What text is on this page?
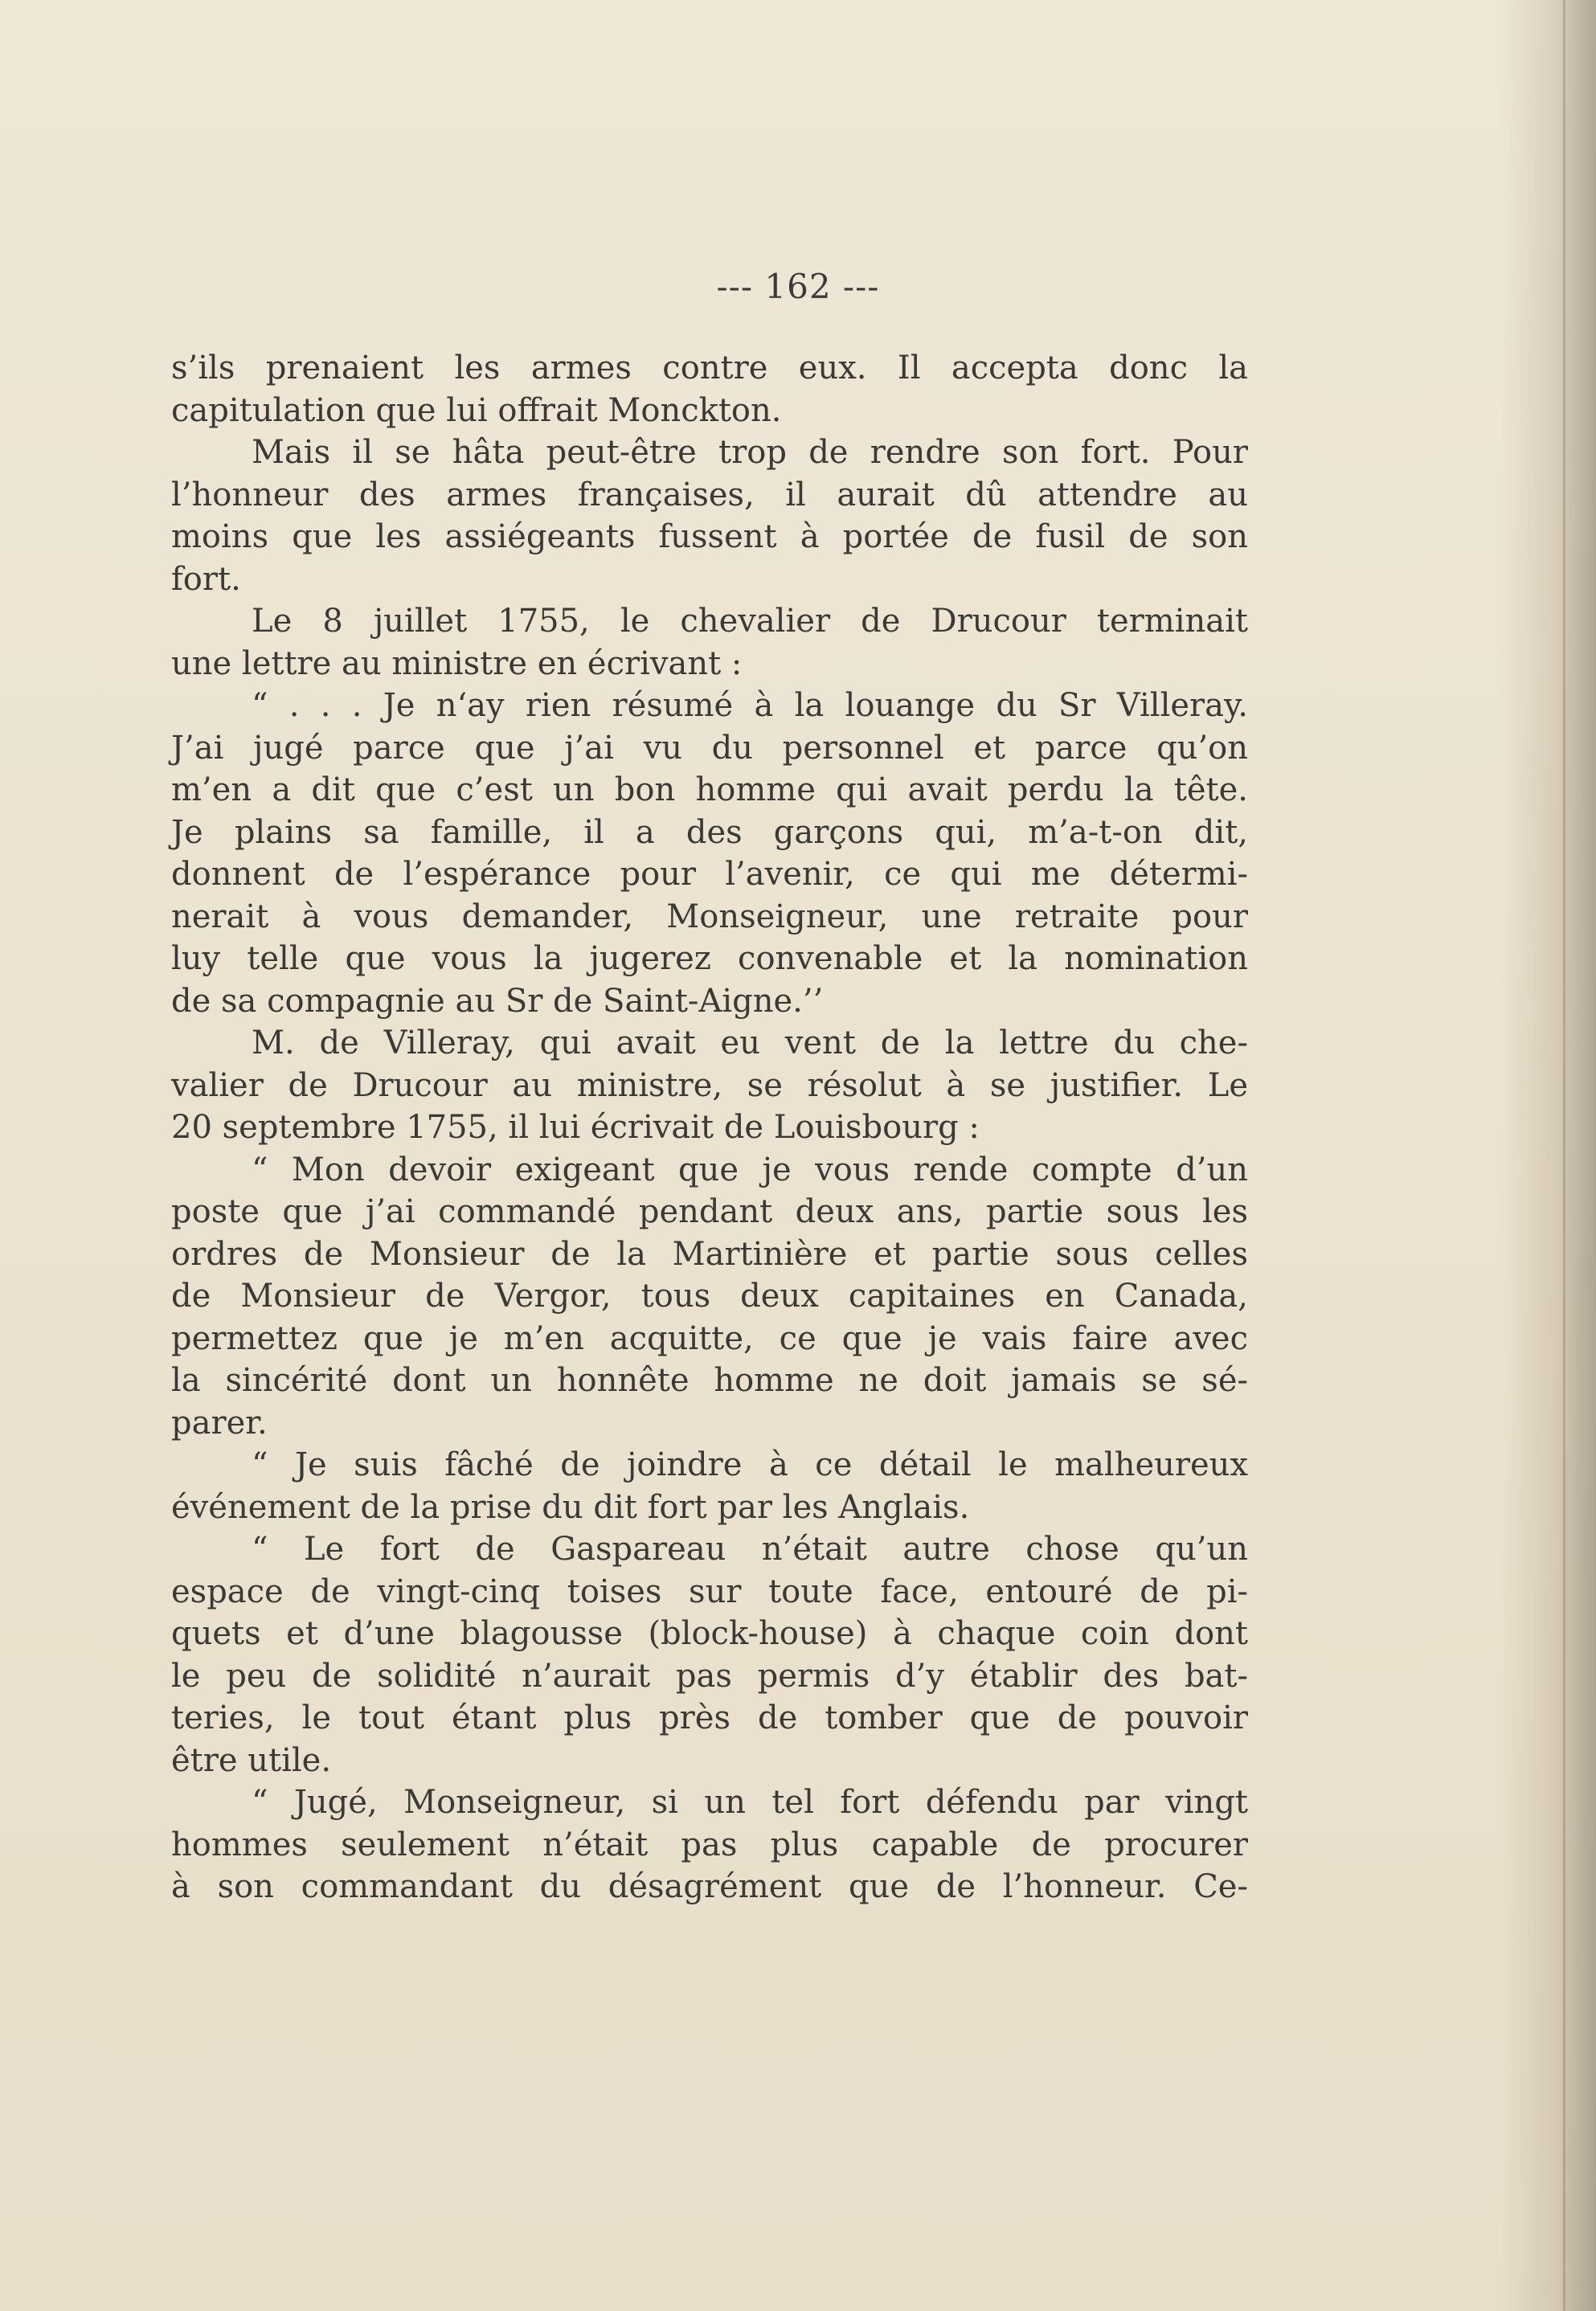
--- 162 ---
s’ils prenaient les armes contre eux. Il accepta donc la
capitulation que lui offrait Monckton.
Mais il se hâta peut-être trop de rendre son fort. Pour
l’honneur des armes françaises, il aurait dû attendre au
moins que les assiégeants fussent à portée de fusil de son
fort.
Le 8 juillet 1755, le chevalier de Drucour terminait
une lettre au ministre en écrivant :
“ . . . Je n‘ay rien résumé à la louange du Sr Villeray.
J’ai jugé parce que j’ai vu du personnel et parce qu’on
m’en a dit que c’est un bon homme qui avait perdu la tête.
Je plains sa famille, il a des garçons qui, m’a-t-on dit,
donnent de l’espérance pour l’avenir, ce qui me détermi-
nerait à vous demander, Monseigneur, une retraite pour
luy telle que vous la jugerez convenable et la nomination
de sa compagnie au Sr de Saint-Aigne.’’
M. de Villeray, qui avait eu vent de la lettre du che-
valier de Drucour au ministre, se résolut à se justifier. Le
20 septembre 1755, il lui écrivait de Louisbourg :
“ Mon devoir exigeant que je vous rende compte d’un
poste que j’ai commandé pendant deux ans, partie sous les
ordres de Monsieur de la Martinière et partie sous celles
de Monsieur de Vergor, tous deux capitaines en Canada,
permettez que je m’en acquitte, ce que je vais faire avec
la sincérité dont un honnête homme ne doit jamais se sé-
parer.
“ Je suis fâché de joindre à ce détail le malheureux
événement de la prise du dit fort par les Anglais.
“ Le fort de Gaspareau n’était autre chose qu’un
espace de vingt-cinq toises sur toute face, entouré de pi-
quets et d’une blagousse (block-house) à chaque coin dont
le peu de solidité n’aurait pas permis d’y établir des bat-
teries, le tout étant plus près de tomber que de pouvoir
être utile.
“ Jugé, Monseigneur, si un tel fort défendu par vingt
hommes seulement n’était pas plus capable de procurer
à son commandant du désagrément que de l’honneur. Ce-
